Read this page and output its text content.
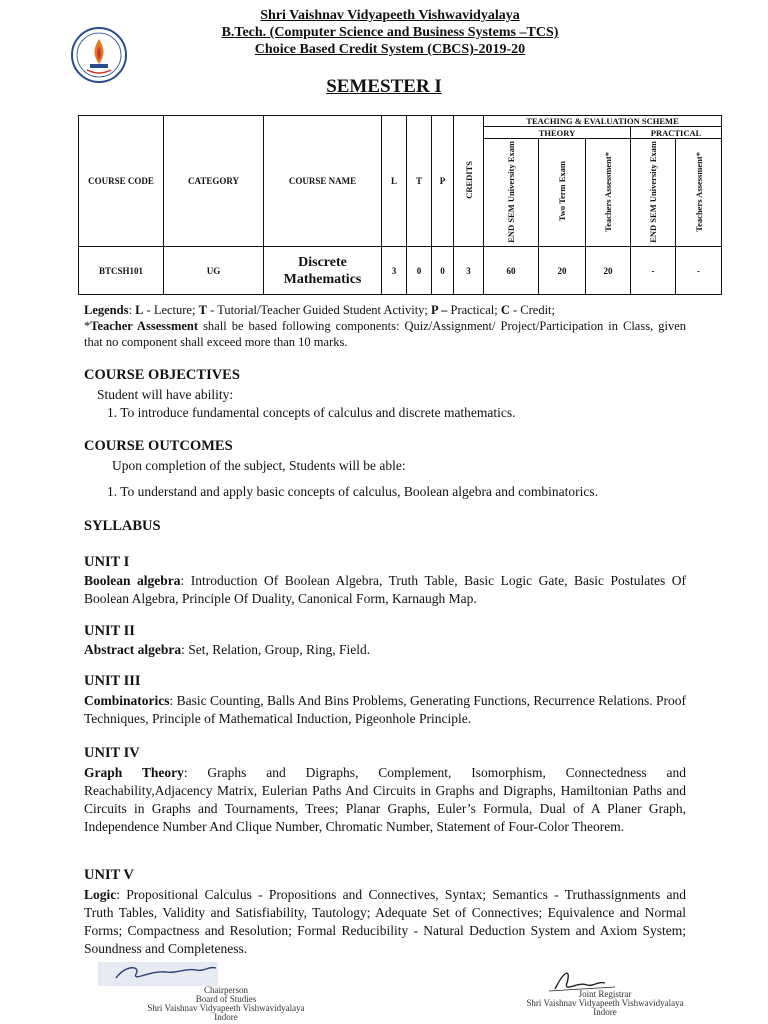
Shri Vaishnav Vidyapeeth Vishwavidyalaya
B.Tech. (Computer Science and Business Systems –TCS)
Choice Based Credit System (CBCS)-2019-20
SEMESTER I
COURSE CODE	CATEGORY	COURSE NAME	L	T	P	CREDITS	TEACHING & EVALUATION SCHEME				
							THEORY			PRACTICAL	
							END SEM University Exam	Two Term Exam	Teachers Assessment*	END SEM University Exam	Teachers Assessment*
BTCSH101	UG	Discrete Mathematics	3	0	0	3	60	20	20	-	-
Legends: L - Lecture; T - Tutorial/Teacher Guided Student Activity; P – Practical; C - Credit;
*Teacher Assessment shall be based following components: Quiz/Assignment/ Project/Participation in Class, given that no component shall exceed more than 10 marks.
COURSE OBJECTIVES
Student will have ability:
1. To introduce fundamental concepts of calculus and discrete mathematics.
COURSE OUTCOMES
Upon completion of the subject, Students will be able:
1. To understand and apply basic concepts of calculus, Boolean algebra and combinatorics.
SYLLABUS
UNIT I
Boolean algebra: Introduction Of Boolean Algebra, Truth Table, Basic Logic Gate, Basic Postulates Of Boolean Algebra, Principle Of Duality, Canonical Form, Karnaugh Map.
UNIT II
Abstract algebra: Set, Relation, Group, Ring, Field.
UNIT III
Combinatorics: Basic Counting, Balls And Bins Problems, Generating Functions, Recurrence Relations. Proof Techniques, Principle of Mathematical Induction, Pigeonhole Principle.
UNIT IV
Graph Theory: Graphs and Digraphs, Complement, Isomorphism, Connectedness and Reachability,Adjacency Matrix, Eulerian Paths And Circuits in Graphs and Digraphs, Hamiltonian Paths and Circuits in Graphs and Tournaments, Trees; Planar Graphs, Euler’s Formula, Dual of A Planer Graph, Independence Number And Clique Number, Chromatic Number, Statement of Four-Color Theorem.
UNIT V
Logic: Propositional Calculus - Propositions and Connectives, Syntax; Semantics - Truthassignments and Truth Tables, Validity and Satisfiability, Tautology; Adequate Set of Connectives; Equivalence and Normal Forms; Compactness and Resolution; Formal Reducibility - Natural Deduction System and Axiom System; Soundness and Completeness.
Chairperson
Board of Studies
Shri Vaishnav Vidyapeeth Vishwavidyalaya
Indore
Joint Registrar
Shri Vaishnav Vidyapeeth Vishwavidyalaya
Indore
